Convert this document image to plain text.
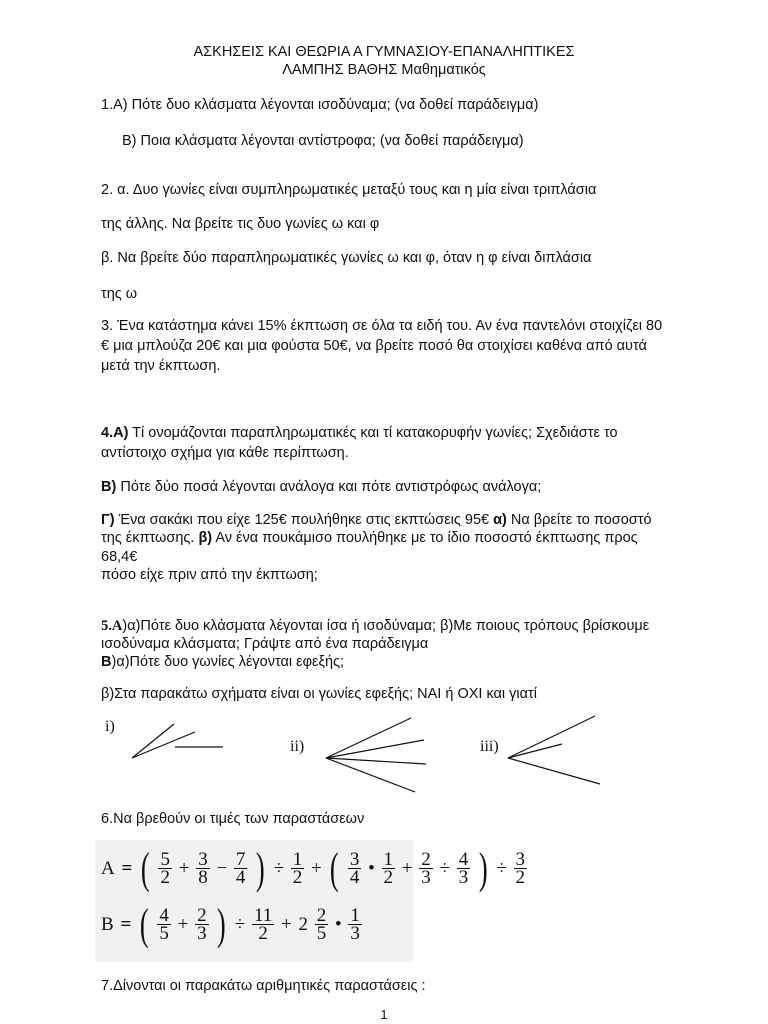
ΑΣΚΗΣΕΙΣ ΚΑΙ ΘΕΩΡΙΑ Α ΓΥΜΝΑΣΙΟΥ-ΕΠΑΝΑΛΗΠΤΙΚΕΣ
ΛΑΜΠΗΣ ΒΑΘΗΣ Μαθηματικός
1.Α) Πότε δυο κλάσματα λέγονται ισοδύναμα; (να δοθεί παράδειγμα)
Β) Ποια κλάσματα λέγονται αντίστροφα; (να δοθεί παράδειγμα)
2. α. Δυο γωνίες είναι συμπληρωματικές μεταξύ τους και η μία είναι τριπλάσια
της άλλης. Να βρείτε τις δυο γωνίες ω και φ
β. Να βρείτε δύο παραπληρωματικές γωνίες ω και φ, όταν η φ είναι διπλάσια
της ω
3. Ένα κατάστημα κάνει 15% έκπτωση σε όλα τα ειδή του. Αν ένα παντελόνι στοιχίζει 80
€ μια μπλούζα 20€ και μια φούστα 50€, να βρείτε ποσό θα στοιχίσει καθένα από αυτά
μετά την έκπτωση.
4.Α) Τί ονομάζονται παραπληρωματικές και τί κατακορυφήν γωνίες; Σχεδιάστε το
αντίστοιχο σχήμα για κάθε περίπτωση.
Β) Πότε δύο ποσά λέγονται ανάλογα και πότε αντιστρόφως ανάλογα;
Γ) Ένα σακάκι που είχε 125€ πουλήθηκε στις εκπτώσεις 95€ α) Να βρείτε το ποσοστό
της έκπτωσης. β) Αν ένα πουκάμισο πουλήθηκε με το ίδιο ποσοστό έκπτωσης προς
68,4€
πόσο είχε πριν από την έκπτωση;
5.Α)α)Πότε δυο κλάσματα λέγονται ίσα ή ισοδύναμα; β)Με ποιους τρόπους βρίσκουμε
ισοδύναμα κλάσματα; Γράψτε από ένα παράδειγμα
Β)α)Πότε δυο γωνίες λέγονται εφεξής;
β)Στα παρακάτω σχήματα είναι οι γωνίες εφεξής; ΝΑΙ ή ΟΧΙ και γιατί
i)
ii)	iii)
6.Να βρεθούν οι τιμές των παραστάσεων
A = ( $\frac{5}{2} + \frac{3}{8} - \frac{7}{4}$ ) ÷ $\frac{1}{2}$ + ( $\frac{3}{4}$ • $\frac{1}{2} + \frac{2}{3} \div \frac{4}{3}$ ) ÷ $\frac{3}{2}$
B = ( $\frac{4}{5} + \frac{2}{3}$ ) ÷ $\frac{11}{2} + 2 \frac{2}{5}$ • $\frac{1}{3}$
7.Δίνονται οι παρακάτω αριθμητικές παραστάσεις :
1
